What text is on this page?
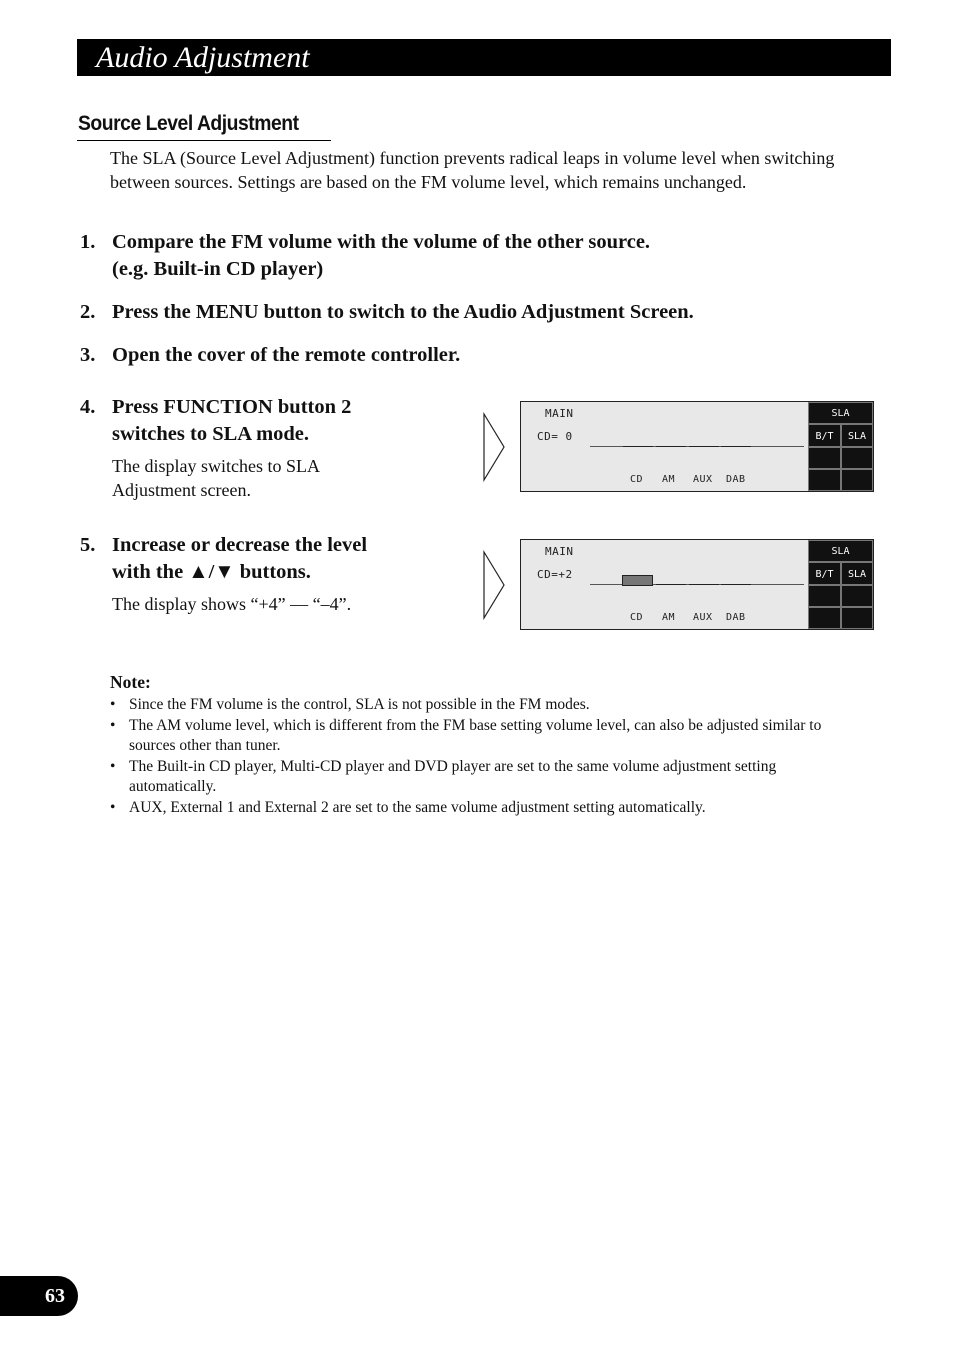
Audio Adjustment
Source Level Adjustment

The SLA (Source Level Adjustment) function prevents radical leaps in volume level when switching between sources. Settings are based on the FM volume level, which remains unchanged.

1. Compare the FM volume with the volume of the other source.
(e.g. Built-in CD player)
2. Press the MENU button to switch to the Audio Adjustment Screen.
3. Open the cover of the remote controller.
4. Press FUNCTION button 2
switches to SLA mode.
The display switches to SLA
Adjustment screen.
MAIN
CD= 0
CD AM AUX DAB
SLA
B/T	SLA
5. Increase or decrease the level
with the ▲/▼ buttons.
The display shows “+4” — “–4”.
MAIN
CD=+2
CD AM AUX DAB
SLA
B/T	SLA
Note:
• Since the FM volume is the control, SLA is not possible in the FM modes.
• The AM volume level, which is different from the FM base setting volume level, can also be adjusted similar to sources other than tuner.
• The Built-in CD player, Multi-CD player and DVD player are set to the same volume adjustment setting automatically.
• AUX, External 1 and External 2 are set to the same volume adjustment setting automatically.
63
